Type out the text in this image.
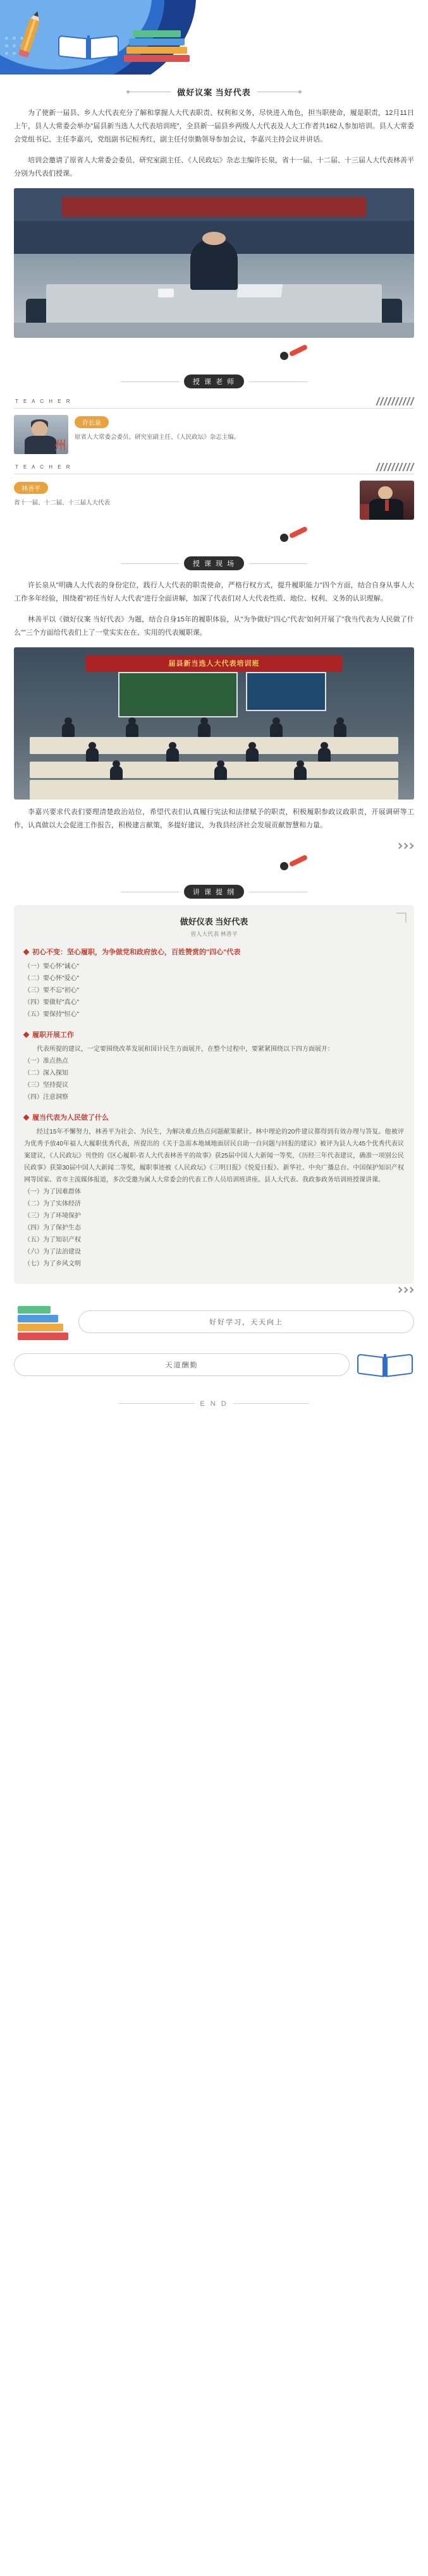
做好议案 当好代表

为了使新一届县、乡人大代表充分了解和掌握人大代表职责、权利和义务，尽快进入角色，担当职使命，履是职责，12月11日上午，县人大常委会举办"届县新当选人大代表培训班"，全县新一届县乡两级人大代表及人大工作者共162人参加培训。县人大常委会党组书记、主任李嘉兴，党组副书记桓秀红，副主任付崇勤领导参加会议，李嘉兴主持会议并讲话。

培训会邀请了原省人大常委会委员、研究室副主任、《人民政坛》杂志主编许长泉，省十一届、十二届、十三届人大代表林善平分别为代表们授课。

授 课 老 师
T E A C H E R
州
许长泉
原省人大常委会委员、研究室副主任、《人民政坛》杂志主编。
T E A C H E R
林善平
省十一届、十二届、十三届人大代表
授 课 现 场

许长泉从"明确人大代表的身份定位，践行人大代表的职责使命，严格行权方式，提升履职能力"四个方面，结合自身从事人大工作多年经验，围绕着"初任当好人大代表"进行全面讲解，加深了代表们对人大代表性质、地位、权利、义务的认识理解。

林善平以《做好仪案 当好代表》为题，结合自身15年的履职体验，从"为争做好"四心"代表"如何开展了"我当代表为人民做了什么""三个方面给代表们上了一堂实实在在、实用的代表履职课。

届县新当选人大代表培训班

李嘉兴要求代表们要理清楚政治站位，希望代表们认真履行宪法和法律赋予的职责，积极履职参政议政职责，开展调研等工作，认真做以大会促进工作报告，积极建言献策，多提好建议，为我县经济社会发展贡献智慧和力量。

讲 课 提 纲
做好仪表 当好代表
省人大代表 林善平
初心不变：坚心履职，为争做党和政府放心，百姓赞赏的"四心"代表
（一）要心怀"诚心"
（二）要心怀"爱心"
（三）要不忘"初心"
（四）要做好"真心"
（五）要保持"恒心"
履职开展工作
代表所提的建议，一定要围绕改革发展和国计民生方面展开，在整个过程中，要紧紧围绕以下四方面展开：
（一）准点热点
（二）深入探知
（三）坚持提议
（四）注意洞察
履当代表为人民做了什么
经过15年不懈努力，林善平为社会、为民生，为解决难点热点问题献策献计。林中理论的20件建议都得到有效办理与答复。他被评为优秀予放40年福人大履职优秀代表，所提出的《关于急需本地域地面居民自助一自问题与回报的建议》被评为县人大45个优秀代表议案建议，《人民政坛》刊登的《区心履职-省人大代表林善平的故事》获25届中国人大新闻一等奖，《历经三年代表建议，确准一项别公民民政事》获第30届中国人大新闻二等奖，履职事迹被《人民政坛》《三明日报》《悦爱日报》、新华社、中央广播总台、中国保护知识产权网等国家、省市主流媒体报道，多次受邀为属人大常委会的代表工作人员培训班讲座。县人大代表、我政参政务培训班授课讲课。
（一）为了因难群体
（二）为了实体经济
（三）为了环境保护
（四）为了保护生态
（五）为了知识产权
（六）为了法治建设
（七）为了乡风文明
好好学习，天天向上
天道酬勤
E N D
